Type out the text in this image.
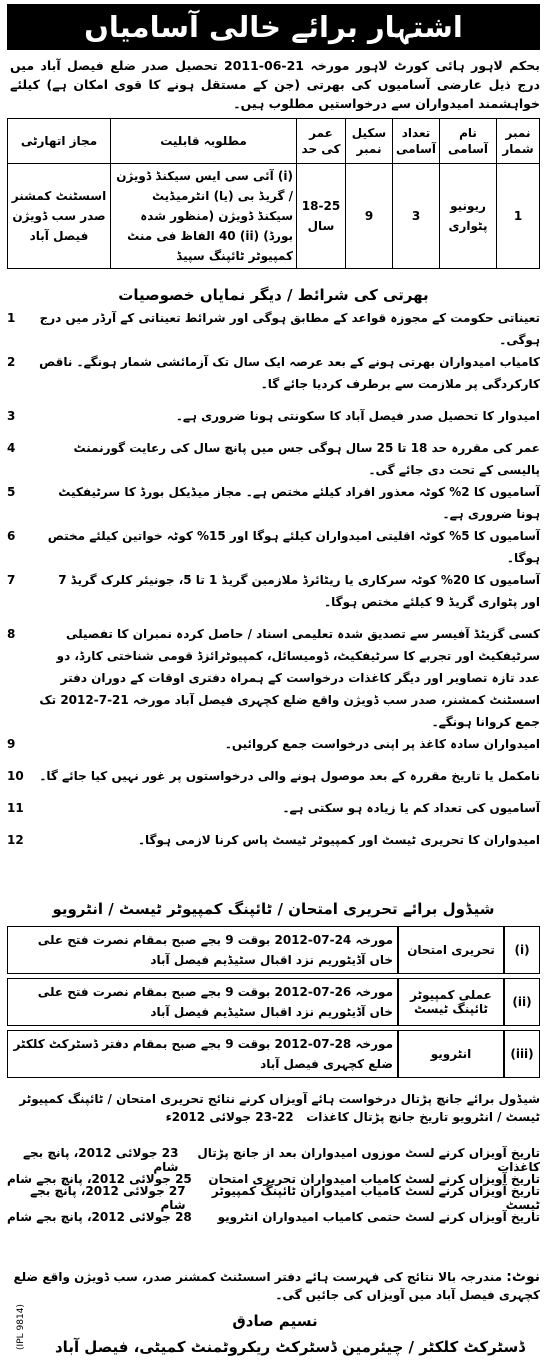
اشتہار برائے خالی آسامیاں
بحکم لاہور ہائی کورٹ لاہور مورخہ 21-06-2011 تحصیل صدر ضلع فیصل آباد میں درج ذیل عارضی آسامیوں کی بھرتی (جن کے مستقل ہونے کا قوی امکان ہے) کیلئے خواہشمند امیدواران سے درخواستیں مطلوب ہیں۔
نمبر شمار	نام آسامی	تعداد آسامی	سکیل نمبر	عمر کی حد	مطلوبہ قابلیت	مجاز اتھارٹی
1	ریونیو پٹواری	3	9	18-25 سال	(i) آئی سی ایس سیکنڈ ڈویژن / گریڈ بی (یا) انٹرمیڈیٹ سیکنڈ ڈویژن (منظور شدہ بورڈ) (ii) 40 الفاظ فی منٹ کمپیوٹر ٹائپنگ سپیڈ	اسسٹنٹ کمشنر صدر سب ڈویژن فیصل آباد
بھرتی کی شرائط / دیگر نمایاں خصوصیات
تعیناتی حکومت کے مجوزہ قواعد کے مطابق ہوگی اور شرائط تعیناتی کے آرڈر میں درج ہوگی۔
1
کامیاب امیدواران بھرتی ہونے کے بعد عرصہ ایک سال تک آزمائشی شمار ہونگے۔ ناقص کارکردگی پر ملازمت سے برطرف کردیا جائے گا۔
2
امیدوار کا تحصیل صدر فیصل آباد کا سکونتی ہونا ضروری ہے۔
3
عمر کی مقررہ حد 18 تا 25 سال ہوگی جس میں پانچ سال کی رعایت گورنمنٹ پالیسی کے تحت دی جائے گی۔
4
آسامیوں کا 2% کوٹہ معذور افراد کیلئے مختص ہے۔ مجاز میڈیکل بورڈ کا سرٹیفکیٹ ہونا ضروری ہے۔
5
آسامیوں کا 5% کوٹہ اقلیتی امیدواران کیلئے ہوگا اور 15% کوٹہ خواتین کیلئے مختص ہوگا۔
6
آسامیوں کا 20% کوٹہ سرکاری یا ریٹائرڈ ملازمین گریڈ 1 تا 5، جونیئر کلرک گریڈ 7 اور پٹواری گریڈ 9 کیلئے مختص ہوگا۔
7
کسی گزیٹڈ آفیسر سے تصدیق شدہ تعلیمی اسناد / حاصل کردہ نمبران کا تفصیلی سرٹیفکیٹ اور تجربے کا سرٹیفکیٹ، ڈومیسائل، کمپیوٹرائزڈ قومی شناختی کارڈ، دو عدد تازہ تصاویر اور دیگر کاغذات درخواست کے ہمراہ دفتری اوقات کے دوران دفتر اسسٹنٹ کمشنر، صدر سب ڈویژن واقع ضلع کچہری فیصل آباد مورخہ 21-7-2012 تک جمع کروانا ہونگے۔
8
امیدواران سادہ کاغذ پر اپنی درخواست جمع کروائیں۔
9
نامکمل یا تاریخ مقررہ کے بعد موصول ہونے والی درخواستوں پر غور نہیں کیا جائے گا۔
10
آسامیوں کی تعداد کم یا زیادہ ہو سکتی ہے۔
11
امیدواران کا تحریری ٹیسٹ اور کمپیوٹر ٹیسٹ پاس کرنا لازمی ہوگا۔
12
شیڈول برائے تحریری امتحان / ٹائپنگ کمپیوٹر ٹیسٹ / انٹرویو
(i)	تحریری امتحان	مورخہ 24-07-2012 بوقت 9 بجے صبح بمقام نصرت فتح علی خاں آڈیٹوریم نزد اقبال سٹیڈیم فیصل آباد
(ii)	عملی کمپیوٹر ٹائپنگ ٹیسٹ	مورخہ 26-07-2012 بوقت 9 بجے صبح بمقام نصرت فتح علی خاں آڈیٹوریم نزد اقبال سٹیڈیم فیصل آباد
(iii)	انٹرویو	مورخہ 28-07-2012 بوقت 9 بجے صبح بمقام دفتر ڈسٹرکٹ کلکٹر ضلع کچہری فیصل آباد
شیڈول برائے جانچ پڑتال درخواست ہائے آویزاں کرنے نتائج تحریری امتحان / ٹائپنگ کمپیوٹر ٹیسٹ / انٹرویو تاریخ جانچ پڑتال کاغذات   22-23 جولائی 2012ء
تاریخ آویزاں کرنے لسٹ موزوں امیدواران بعد از جانچ پڑتال کاغذات
23 جولائی 2012، پانچ بجے شام
تاریخ آویزاں کرنے لسٹ کامیاب امیدواران تحریری امتحان
25 جولائی 2012، پانچ بجے شام
تاریخ آویزاں کرنے لسٹ کامیاب امیدواران ٹائپنگ کمپیوٹر ٹیسٹ
27 جولائی 2012، پانچ بجے شام
تاریخ آویزاں کرنے لسٹ حتمی کامیاب امیدواران انٹرویو
28 جولائی 2012، پانچ بجے شام
نوٹ: مندرجہ بالا نتائج کی فہرست ہائے دفتر اسسٹنٹ کمشنر صدر، سب ڈویژن واقع ضلع کچہری فیصل آباد میں آویزاں کی جائیں گی۔
نسیم صادق
ڈسٹرکٹ کلکٹر / چیئرمین ڈسٹرکٹ ریکروٹمنٹ کمیٹی، فیصل آباد
(IPL 9814)
